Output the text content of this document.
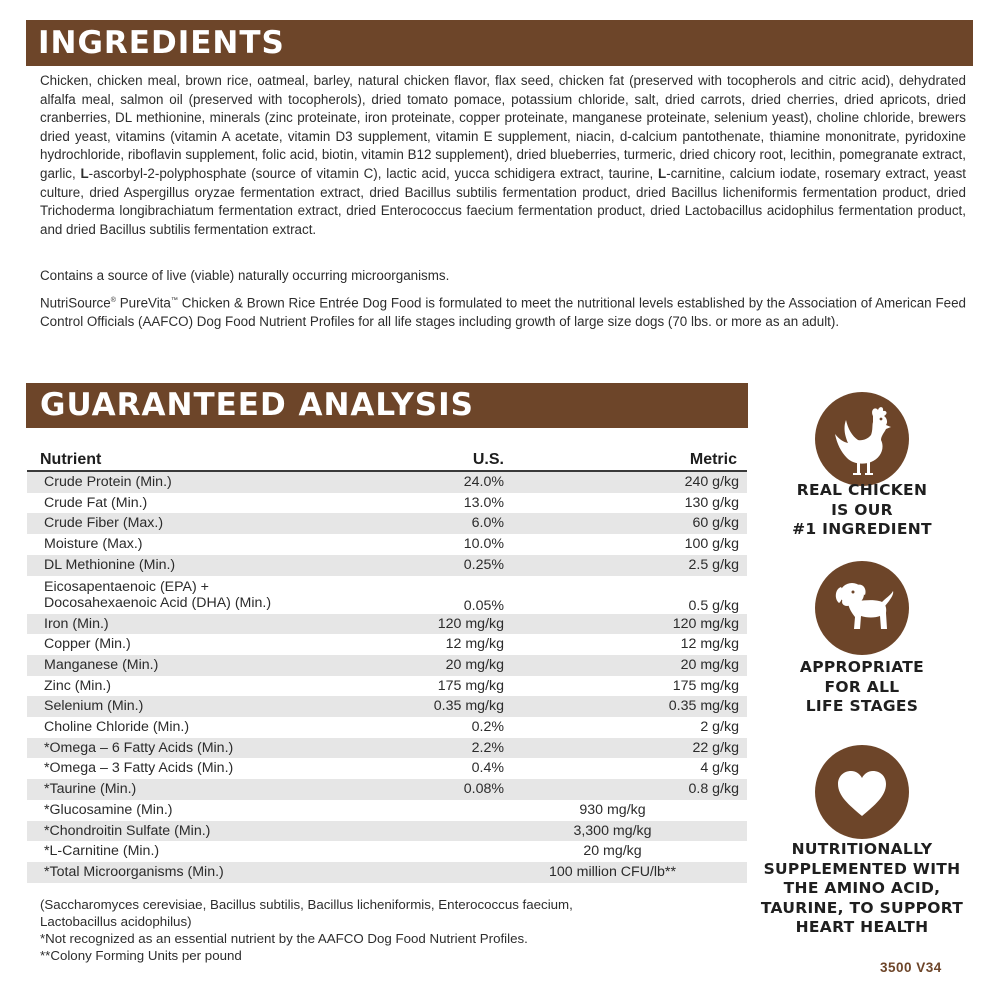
INGREDIENTS

Chicken, chicken meal, brown rice, oatmeal, barley, natural chicken flavor, flax seed, chicken fat (preserved with tocopherols and citric acid), dehydrated alfalfa meal, salmon oil (preserved with tocopherols), dried tomato pomace, potassium chloride, salt, dried carrots, dried cherries, dried apricots, dried cranberries, DL methionine, minerals (zinc proteinate, iron proteinate, copper proteinate, manganese proteinate, selenium yeast), choline chloride, brewers dried yeast, vitamins (vitamin A acetate, vitamin D3 supplement, vitamin E supplement, niacin, d-calcium pantothenate, thiamine mononitrate, pyridoxine hydrochloride, riboflavin supplement, folic acid, biotin, vitamin B12 supplement), dried blueberries, turmeric, dried chicory root, lecithin, pomegranate extract, garlic, L-ascorbyl-2-polyphosphate (source of vitamin C), lactic acid, yucca schidigera extract, taurine, L-carnitine, calcium iodate, rosemary extract, yeast culture, dried Aspergillus oryzae fermentation extract, dried Bacillus subtilis fermentation product, dried Bacillus licheniformis fermentation product, dried Trichoderma longibrachiatum fermentation extract, dried Enterococcus faecium fermentation product, dried Lactobacillus acidophilus fermentation product, and dried Bacillus subtilis fermentation extract.

Contains a source of live (viable) naturally occurring microorganisms.

NutriSource® PureVita™ Chicken & Brown Rice Entrée Dog Food is formulated to meet the nutritional levels established by the Association of American Feed Control Officials (AAFCO) Dog Food Nutrient Profiles for all life stages including growth of large size dogs (70 lbs. or more as an adult).

GUARANTEED ANALYSIS
Nutrient	U.S.	Metric
Crude Protein (Min.)	24.0%	240 g/kg
Crude Fat (Min.)	13.0%	130 g/kg
Crude Fiber (Max.)	6.0%	60 g/kg
Moisture (Max.)	10.0%	100 g/kg
DL Methionine (Min.)	0.25%	2.5 g/kg

Eicosapentaenoic (EPA) +
Docosahexaenoic Acid (DHA) (Min.)	0.05%	0.5 g/kg
Iron (Min.)	120 mg/kg	120 mg/kg
Copper (Min.)	12 mg/kg	12 mg/kg
Manganese (Min.)	20 mg/kg	20 mg/kg
Zinc (Min.)	175 mg/kg	175 mg/kg
Selenium (Min.)	0.35 mg/kg	0.35 mg/kg
Choline Chloride (Min.)	0.2%	2 g/kg
*Omega – 6 Fatty Acids (Min.)	2.2%	22 g/kg
*Omega – 3 Fatty Acids (Min.)	0.4%	4 g/kg
*Taurine (Min.)	0.08%	0.8 g/kg
*Glucosamine (Min.)	930 mg/kg	
*Chondroitin Sulfate (Min.)	3,300 mg/kg	
*L-Carnitine (Min.)	20 mg/kg	
*Total Microorganisms (Min.)	100 million CFU/lb**	
(Saccharomyces cerevisiae, Bacillus subtilis, Bacillus licheniformis, Enterococcus faecium,
Lactobacillus acidophilus)
*Not recognized as an essential nutrient by the AAFCO Dog Food Nutrient Profiles.
**Colony Forming Units per pound
REAL CHICKEN
IS OUR
#1 INGREDIENT
APPROPRIATE
FOR ALL
LIFE STAGES
NUTRITIONALLY
SUPPLEMENTED WITH
THE AMINO ACID,
TAURINE, TO SUPPORT
HEART HEALTH
3500 V34
